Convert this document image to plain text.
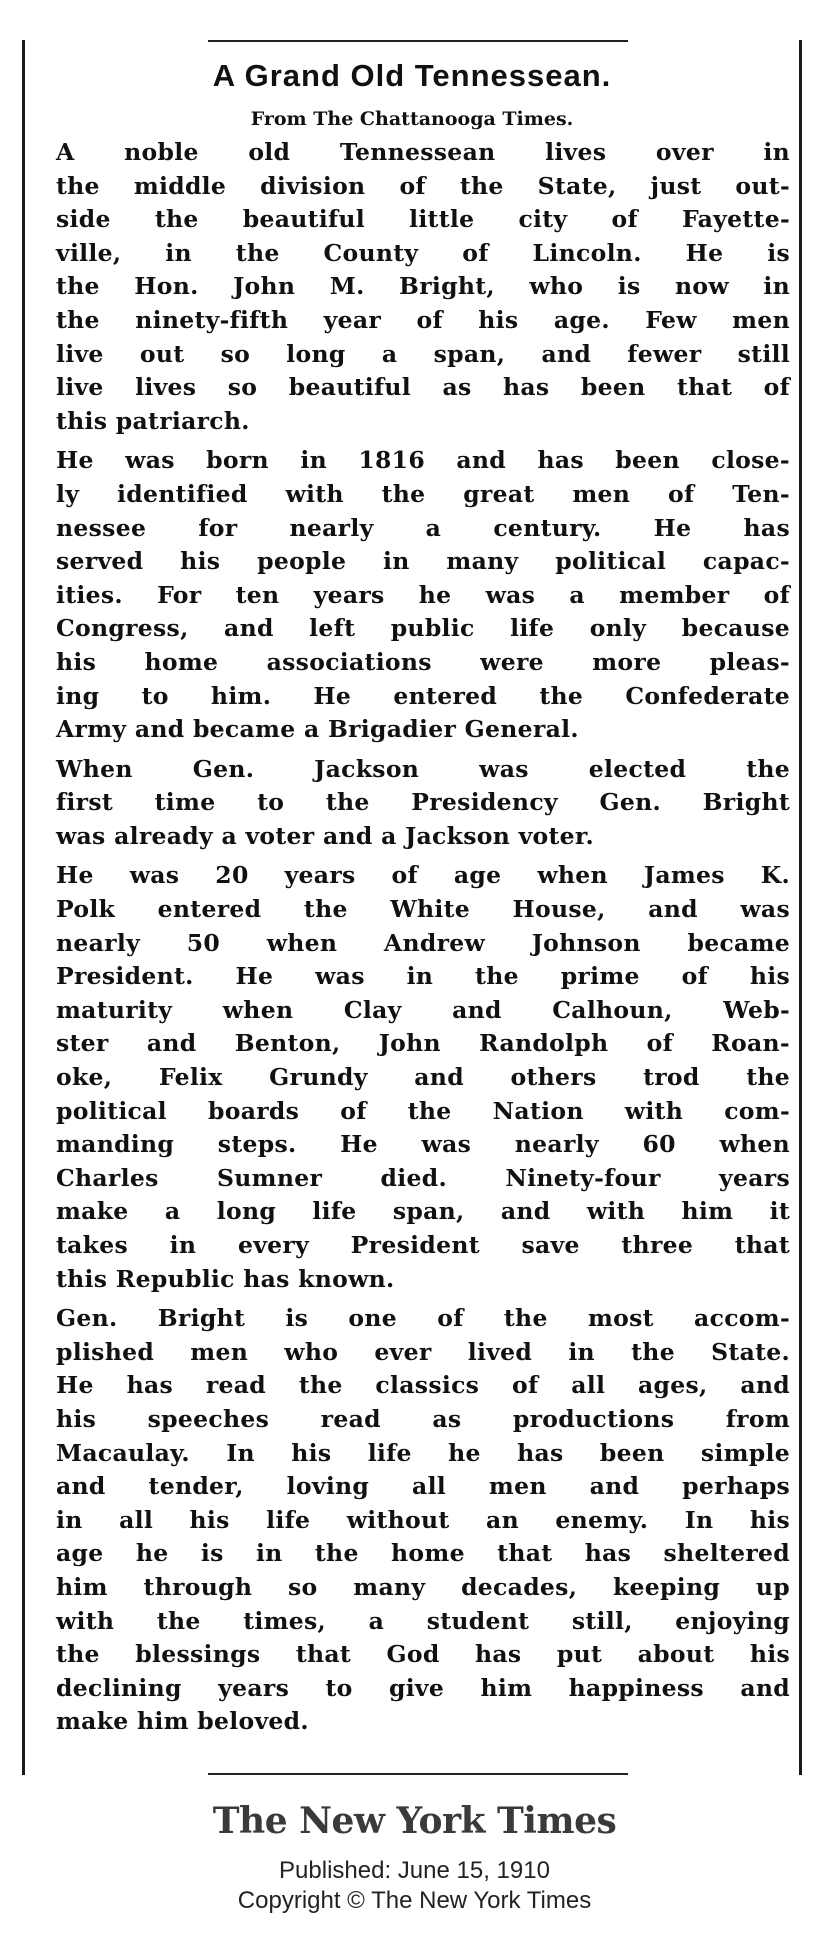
A Grand Old Tennessean.
From The Chattanooga Times.

A noble old Tennessean lives over in
the middle division of the State, just out-
side the beautiful little city of Fayette-
ville, in the County of Lincoln. He is
the Hon. John M. Bright, who is now in
the ninety-fifth year of his age. Few men
live out so long a span, and fewer still
live lives so beautiful as has been that of
this patriarch.

He was born in 1816 and has been close-
ly identified with the great men of Ten-
nessee for nearly a century. He has
served his people in many political capac-
ities. For ten years he was a member of
Congress, and left public life only because
his home associations were more pleas-
ing to him. He entered the Confederate
Army and became a Brigadier General.

When Gen. Jackson was elected the
first time to the Presidency Gen. Bright
was already a voter and a Jackson voter.

He was 20 years of age when James K.
Polk entered the White House, and was
nearly 50 when Andrew Johnson became
President. He was in the prime of his
maturity when Clay and Calhoun, Web-
ster and Benton, John Randolph of Roan-
oke, Felix Grundy and others trod the
political boards of the Nation with com-
manding steps. He was nearly 60 when
Charles Sumner died. Ninety-four years
make a long life span, and with him it
takes in every President save three that
this Republic has known.

Gen. Bright is one of the most accom-
plished men who ever lived in the State.
He has read the classics of all ages, and
his speeches read as productions from
Macaulay. In his life he has been simple
and tender, loving all men and perhaps
in all his life without an enemy. In his
age he is in the home that has sheltered
him through so many decades, keeping up
with the times, a student still, enjoying
the blessings that God has put about his
declining years to give him happiness and
make him beloved.

The New York Times
Published: June 15, 1910
Copyright © The New York Times
